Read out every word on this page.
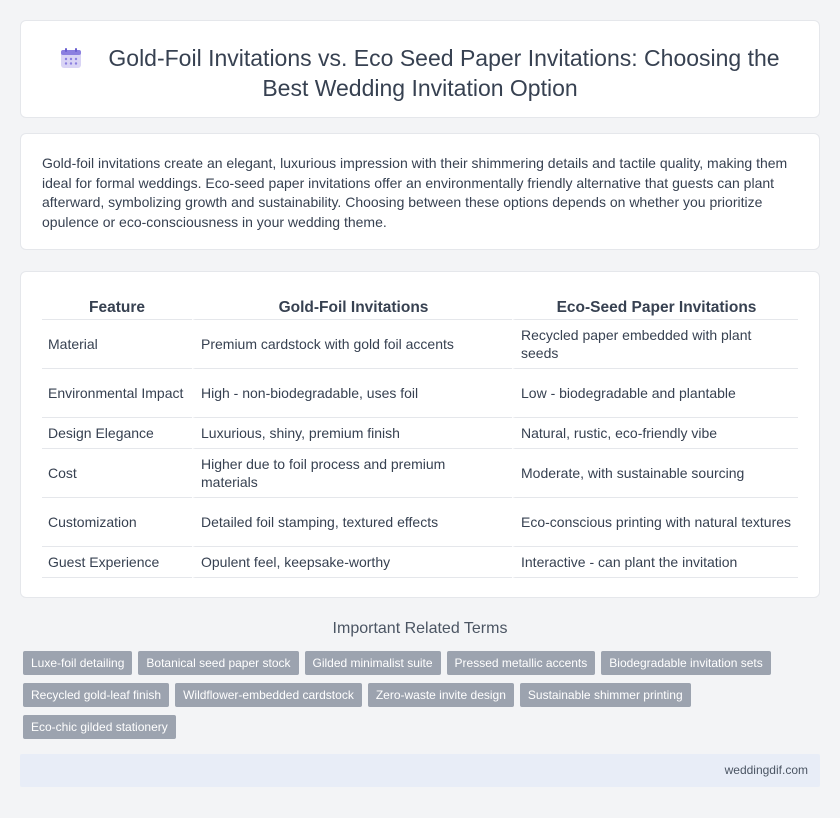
Gold-Foil Invitations vs. Eco Seed Paper Invitations: Choosing the
Best Wedding Invitation Option

Gold-foil invitations create an elegant, luxurious impression with their shimmering details and tactile quality, making them ideal for formal weddings. Eco-seed paper invitations offer an environmentally friendly alternative that guests can plant afterward, symbolizing growth and sustainability. Choosing between these options depends on whether you prioritize opulence or eco-consciousness in your wedding theme.

Feature	Gold-Foil Invitations	Eco-Seed Paper Invitations
Material	Premium cardstock with gold foil accents	Recycled paper embedded with plant seeds
Environmental Impact	High - non-biodegradable, uses foil	Low - biodegradable and plantable
Design Elegance	Luxurious, shiny, premium finish	Natural, rustic, eco-friendly vibe
Cost	Higher due to foil process and premium materials	Moderate, with sustainable sourcing
Customization	Detailed foil stamping, textured effects	Eco-conscious printing with natural textures
Guest Experience	Opulent feel, keepsake-worthy	Interactive - can plant the invitation
Important Related Terms
Luxe-foil detailing	Botanical seed paper stock	Gilded minimalist suite	Pressed metallic accents	Biodegradable invitation sets
Recycled gold-leaf finish	Wildflower-embedded cardstock	Zero-waste invite design	Sustainable shimmer printing
Eco-chic gilded stationery
weddingdif.com
